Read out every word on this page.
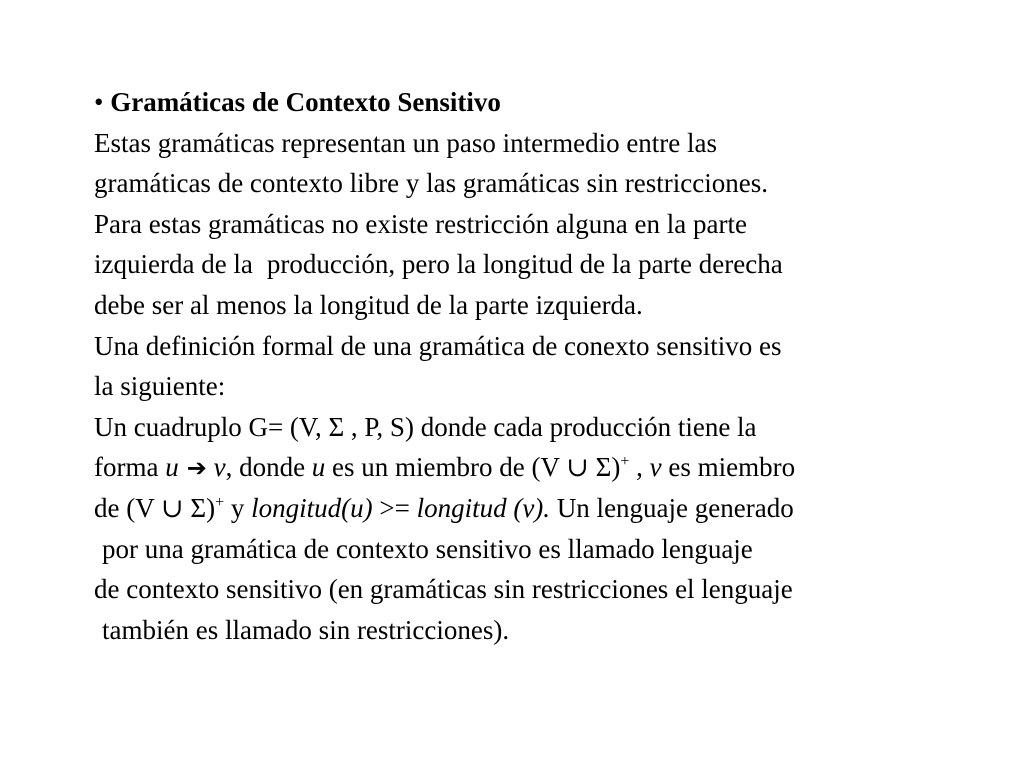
• Gramáticas de Contexto Sensitivo
Estas gramáticas representan un paso intermedio entre las
gramáticas de contexto libre y las gramáticas sin restricciones.
Para estas gramáticas no existe restricción alguna en la parte
izquierda de la producción, pero la longitud de la parte derecha
debe ser al menos la longitud de la parte izquierda.
Una definición formal de una gramática de conexto sensitivo es
la siguiente:
Un cuadruplo G= (V, Σ , P, S) donde cada producción tiene la
forma u ➔ v, donde u es un miembro de (V ∪ Σ)+ , v es miembro
de (V ∪ Σ)+ y longitud(u) >= longitud (v). Un lenguaje generado
por una gramática de contexto sensitivo es llamado lenguaje
de contexto sensitivo (en gramáticas sin restricciones el lenguaje
también es llamado sin restricciones).
